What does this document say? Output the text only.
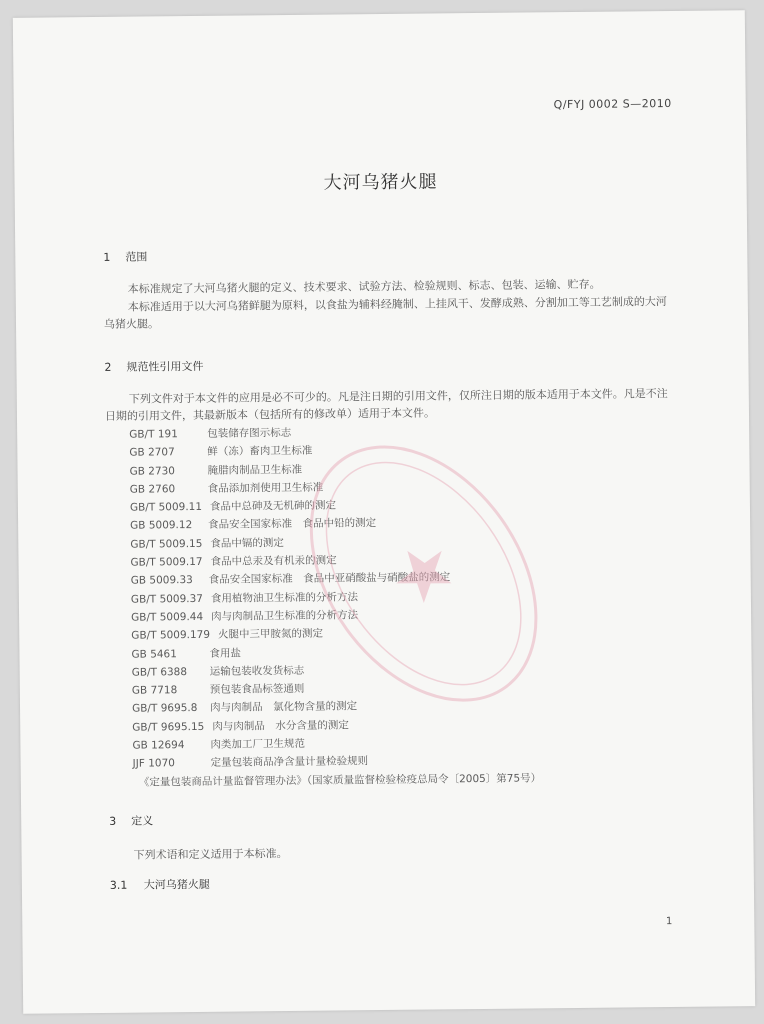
Q/FYJ 0002 S—2010
大河乌猪火腿
1 范围
本标准规定了大河乌猪火腿的定义、技术要求、试验方法、检验规则、标志、包装、运输、贮存。
本标准适用于以大河乌猪鲜腿为原料，以食盐为辅料经腌制、上挂风干、发酵成熟、分割加工等工艺制成的大河乌猪火腿。
2 规范性引用文件
下列文件对于本文件的应用是必不可少的。凡是注日期的引用文件，仅所注日期的版本适用于本文件。凡是不注日期的引用文件，其最新版本（包括所有的修改单）适用于本文件。
GB/T 191	包装储存图示标志
GB 2707	鲜（冻）畜肉卫生标准
GB 2730	腌腊肉制品卫生标准
GB 2760	食品添加剂使用卫生标准
GB/T 5009.11 食品中总砷及无机砷的测定
GB 5009.12 食品安全国家标准　食品中铅的测定
GB/T 5009.15 食品中镉的测定
GB/T 5009.17 食品中总汞及有机汞的测定
GB 5009.33 食品安全国家标准　食品中亚硝酸盐与硝酸盐的测定
GB/T 5009.37 食用植物油卫生标准的分析方法
GB/T 5009.44 肉与肉制品卫生标准的分析方法
GB/T 5009.179 火腿中三甲胺氮的测定
GB 5461	食用盐
GB/T 6388 运输包装收发货标志
GB 7718	预包装食品标签通则
GB/T 9695.8 肉与肉制品　氯化物含量的测定
GB/T 9695.15 肉与肉制品　水分含量的测定
GB 12694 肉类加工厂卫生规范
JJF 1070	定量包装商品净含量计量检验规则
《定量包装商品计量监督管理办法》（国家质量监督检验检疫总局令〔2005〕第75号）
3 定义
下列术语和定义适用于本标准。
3.1 大河乌猪火腿
1
